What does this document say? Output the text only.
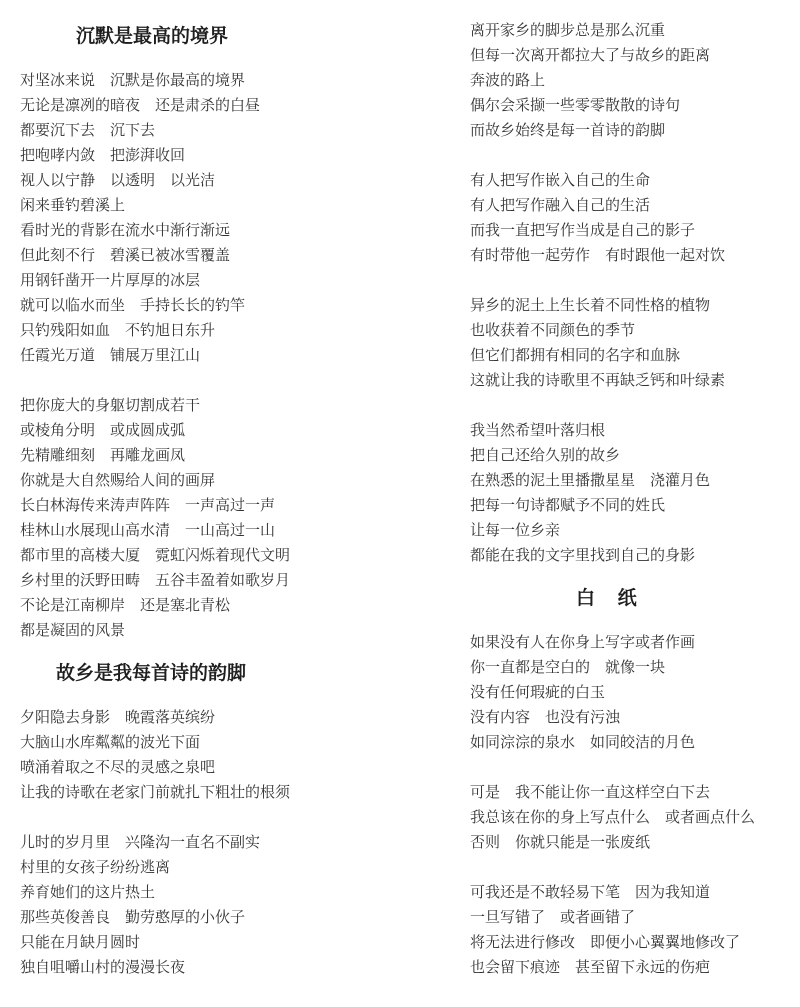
沉默是最高的境界
对坚冰来说　沉默是你最高的境界
无论是凛冽的暗夜　还是肃杀的白昼
都要沉下去　沉下去
把咆哮内敛　把澎湃收回
视人以宁静　以透明　以光洁
闲来垂钓碧溪上
看时光的背影在流水中渐行渐远
但此刻不行　碧溪已被冰雪覆盖
用钢钎凿开一片厚厚的冰层
就可以临水而坐　手持长长的钓竿
只钓残阳如血　不钓旭日东升
任霞光万道　铺展万里江山
把你庞大的身躯切割成若干
或棱角分明　或成圆成弧
先精雕细刻　再雕龙画凤
你就是大自然赐给人间的画屏
长白林海传来涛声阵阵　一声高过一声
桂林山水展现山高水清　一山高过一山
都市里的高楼大厦　霓虹闪烁着现代文明
乡村里的沃野田畴　五谷丰盈着如歌岁月
不论是江南柳岸　还是塞北青松
都是凝固的风景
故乡是我每首诗的韵脚
夕阳隐去身影　晚霞落英缤纷
大脑山水库粼粼的波光下面
喷涌着取之不尽的灵感之泉吧
让我的诗歌在老家门前就扎下粗壮的根须
儿时的岁月里　兴隆沟一直名不副实
村里的女孩子纷纷逃离
养育她们的这片热土
那些英俊善良　勤劳憨厚的小伙子
只能在月缺月圆时
独自咀嚼山村的漫漫长夜
离开家乡的脚步总是那么沉重
但每一次离开都拉大了与故乡的距离
奔波的路上
偶尔会采撷一些零零散散的诗句
而故乡始终是每一首诗的韵脚
有人把写作嵌入自己的生命
有人把写作融入自己的生活
而我一直把写作当成是自己的影子
有时带他一起劳作　有时跟他一起对饮
异乡的泥土上生长着不同性格的植物
也收获着不同颜色的季节
但它们都拥有相同的名字和血脉
这就让我的诗歌里不再缺乏钙和叶绿素
我当然希望叶落归根
把自己还给久别的故乡
在熟悉的泥土里播撒星星　浇灌月色
把每一句诗都赋予不同的姓氏
让每一位乡亲
都能在我的文字里找到自己的身影
白 纸
如果没有人在你身上写字或者作画
你一直都是空白的　就像一块
没有任何瑕疵的白玉
没有内容　也没有污浊
如同淙淙的泉水　如同皎洁的月色
可是　我不能让你一直这样空白下去
我总该在你的身上写点什么　或者画点什么
否则　你就只能是一张废纸
可我还是不敢轻易下笔　因为我知道
一旦写错了　或者画错了
将无法进行修改　即便小心翼翼地修改了
也会留下痕迹　甚至留下永远的伤疤
